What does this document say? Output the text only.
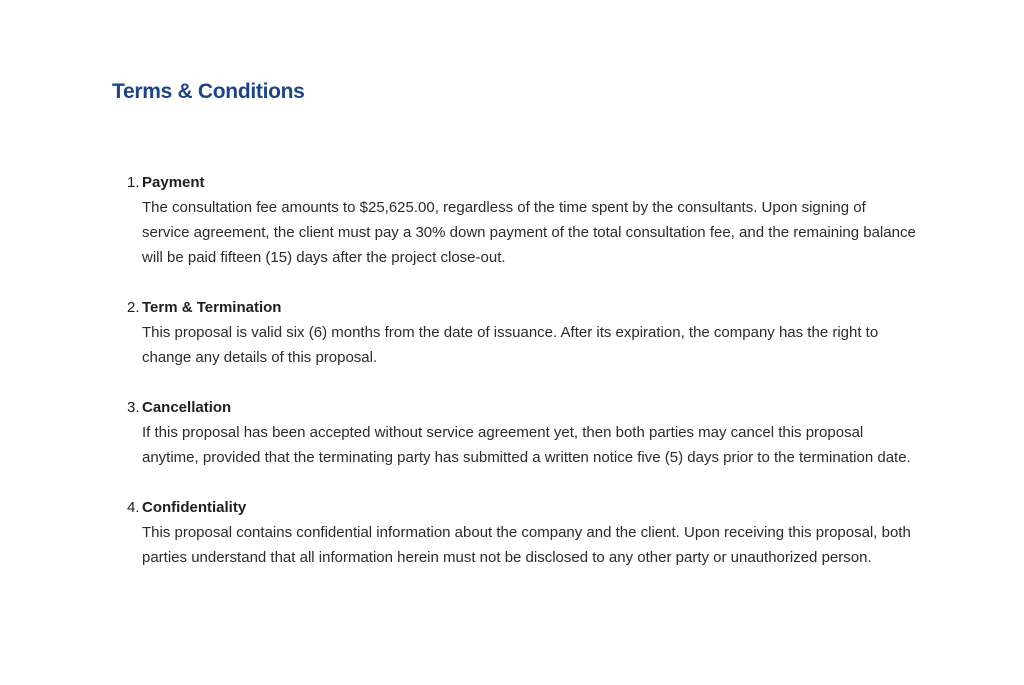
Terms & Conditions
1. Payment
The consultation fee amounts to $25,625.00, regardless of the time spent by the consultants. Upon signing of service agreement, the client must pay a 30% down payment of the total consultation fee, and the remaining balance will be paid fifteen (15) days after the project close-out.
2. Term & Termination
This proposal is valid six (6) months from the date of issuance. After its expiration, the company has the right to change any details of this proposal.
3. Cancellation
If this proposal has been accepted without service agreement yet, then both parties may cancel this proposal anytime, provided that the terminating party has submitted a written notice five (5) days prior to the termination date.
4. Confidentiality
This proposal contains confidential information about the company and the client. Upon receiving this proposal, both parties understand that all information herein must not be disclosed to any other party or unauthorized person.
